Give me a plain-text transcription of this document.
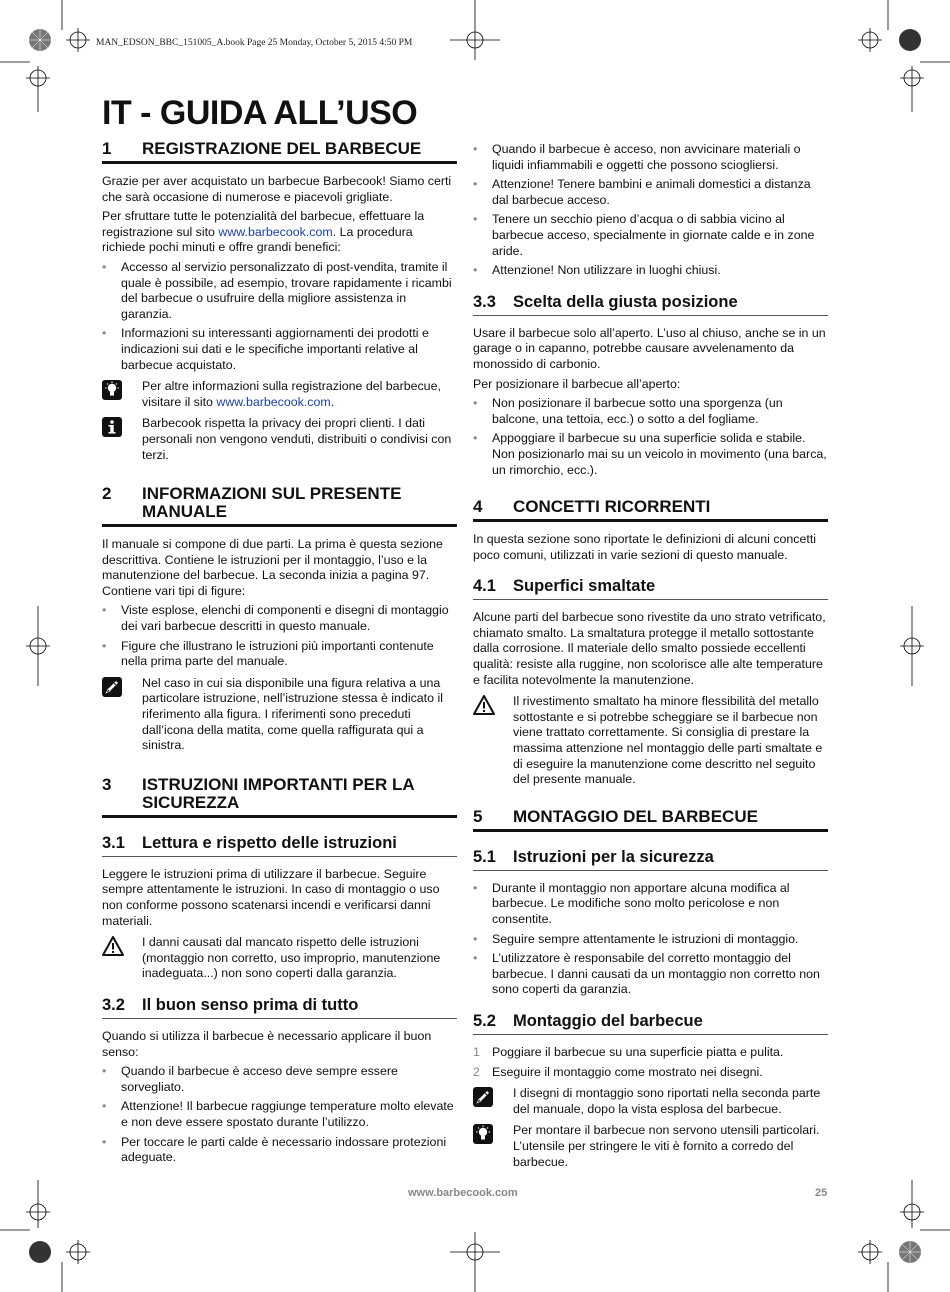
MAN_EDSON_BBC_151005_A.book Page 25 Monday, October 5, 2015 4:50 PM
IT - GUIDA ALL’USO
1	REGISTRAZIONE DEL BARBECUE

Grazie per aver acquistato un barbecue Barbecook! Siamo certi che sarà occasione di numerose e piacevoli grigliate.

Per sfruttare tutte le potenzialità del barbecue, effettuare la registrazione sul sito www.barbecook.com. La procedura richiede pochi minuti e offre grandi benefici:

• Accesso al servizio personalizzato di post-vendita, tramite il quale è possibile, ad esempio, trovare rapidamente i ricambi del barbecue o usufruire della migliore assistenza in garanzia.
• Informazioni su interessanti aggiornamenti dei prodotti e indicazioni sui dati e le specifiche importanti relative al barbecue acquistato.
Per altre informazioni sulla registrazione del barbecue, visitare il sito www.barbecook.com.
Barbecook rispetta la privacy dei propri clienti. I dati personali non vengono venduti, distribuiti o condivisi con terzi.
2	INFORMAZIONI SUL PRESENTE MANUALE

Il manuale si compone di due parti. La prima è questa sezione descrittiva. Contiene le istruzioni per il montaggio, l’uso e la manutenzione del barbecue. La seconda inizia a pagina 97. Contiene vari tipi di figure:

• Viste esplose, elenchi di componenti e disegni di montaggio dei vari barbecue descritti in questo manuale.
• Figure che illustrano le istruzioni più importanti contenute nella prima parte del manuale.
Nel caso in cui sia disponibile una figura relativa a una particolare istruzione, nell’istruzione stessa è indicato il riferimento alla figura. I riferimenti sono preceduti dall’icona della matita, come quella raffigurata qui a sinistra.
3	ISTRUZIONI IMPORTANTI PER LA SICUREZZA
3.1	Lettura e rispetto delle istruzioni

Leggere le istruzioni prima di utilizzare il barbecue. Seguire sempre attentamente le istruzioni. In caso di montaggio o uso non conforme possono scatenarsi incendi e verificarsi danni materiali.

I danni causati dal mancato rispetto delle istruzioni (montaggio non corretto, uso improprio, manutenzione inadeguata...) non sono coperti dalla garanzia.
3.2	Il buon senso prima di tutto

Quando si utilizza il barbecue è necessario applicare il buon senso:

• Quando il barbecue è acceso deve sempre essere sorvegliato.
• Attenzione! Il barbecue raggiunge temperature molto elevate e non deve essere spostato durante l’utilizzo.
• Per toccare le parti calde è necessario indossare protezioni adeguate.
• Quando il barbecue è acceso, non avvicinare materiali o liquidi infiammabili e oggetti che possono sciogliersi.
• Attenzione! Tenere bambini e animali domestici a distanza dal barbecue acceso.
• Tenere un secchio pieno d’acqua o di sabbia vicino al barbecue acceso, specialmente in giornate calde e in zone aride.
• Attenzione! Non utilizzare in luoghi chiusi.
3.3	Scelta della giusta posizione

Usare il barbecue solo all’aperto. L’uso al chiuso, anche se in un garage o in capanno, potrebbe causare avvelenamento da monossido di carbonio.

Per posizionare il barbecue all’aperto:

• Non posizionare il barbecue sotto una sporgenza (un balcone, una tettoia, ecc.) o sotto a del fogliame.
• Appoggiare il barbecue su una superficie solida e stabile. Non posizionarlo mai su un veicolo in movimento (una barca, un rimorchio, ecc.).
4	CONCETTI RICORRENTI

In questa sezione sono riportate le definizioni di alcuni concetti poco comuni, utilizzati in varie sezioni di questo manuale.

4.1	Superfici smaltate

Alcune parti del barbecue sono rivestite da uno strato vetrificato, chiamato smalto. La smaltatura protegge il metallo sottostante dalla corrosione. Il materiale dello smalto possiede eccellenti qualità: resiste alla ruggine, non scolorisce alle alte temperature e facilita notevolmente la manutenzione.

Il rivestimento smaltato ha minore flessibilità del metallo sottostante e si potrebbe scheggiare se il barbecue non viene trattato correttamente. Si consiglia di prestare la massima attenzione nel montaggio delle parti smaltate e di eseguire la manutenzione come descritto nel seguito del presente manuale.
5	MONTAGGIO DEL BARBECUE
5.1	Istruzioni per la sicurezza
• Durante il montaggio non apportare alcuna modifica al barbecue. Le modifiche sono molto pericolose e non consentite.
• Seguire sempre attentamente le istruzioni di montaggio.
• L’utilizzatore è responsabile del corretto montaggio del barbecue. I danni causati da un montaggio non corretto non sono coperti da garanzia.
5.2	Montaggio del barbecue
1 Poggiare il barbecue su una superficie piatta e pulita.
2 Eseguire il montaggio come mostrato nei disegni.
I disegni di montaggio sono riportati nella seconda parte del manuale, dopo la vista esplosa del barbecue.
Per montare il barbecue non servono utensili particolari. L’utensile per stringere le viti è fornito a corredo del barbecue.
www.barbecook.com	25
